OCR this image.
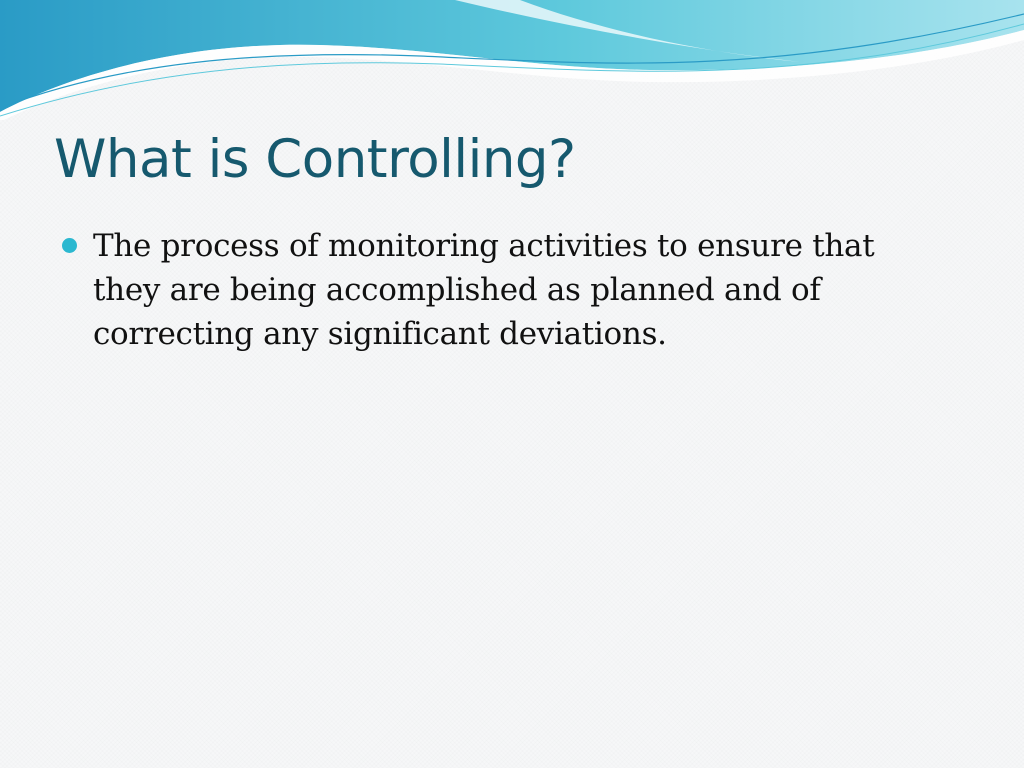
What is Controlling?
The process of monitoring activities to ensure that they are being accomplished as planned and of correcting any significant deviations.
